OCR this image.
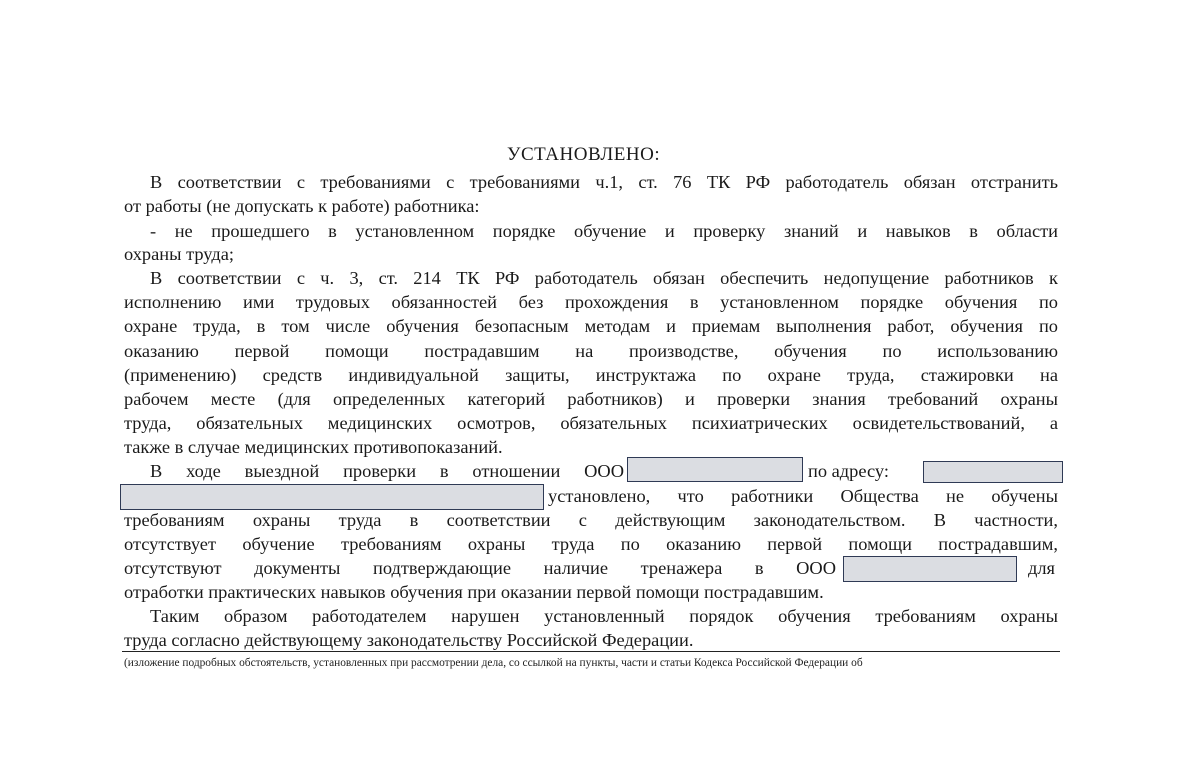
УСТАНОВЛЕНО:
В соответствии с требованиями с требованиями ч.1, ст. 76 ТК РФ работодатель обязан отстранить
от работы (не допускать к работе) работника:
- не прошедшего в установленном порядке обучение и проверку знаний и навыков в области
охраны труда;
В соответствии с ч. 3, ст. 214 ТК РФ работодатель обязан обеспечить недопущение работников к
исполнению ими трудовых обязанностей без прохождения в установленном порядке обучения по
охране труда, в том числе обучения безопасным методам и приемам выполнения работ, обучения по
оказанию первой помощи пострадавшим на производстве, обучения по использованию
(применению) средств индивидуальной защиты, инструктажа по охране труда, стажировки на
рабочем месте (для определенных категорий работников) и проверки знания требований охраны
труда, обязательных медицинских осмотров, обязательных психиатрических освидетельствований, а
также в случае медицинских противопоказаний.
В ходе выездной проверки в отношении ООО	по адресу:
установлено, что работники Общества не обучены
требованиям охраны труда в соответствии с действующим законодательством. В частности,
отсутствует обучение требованиям охраны труда по оказанию первой помощи пострадавшим,
отсутствуют документы подтверждающие наличие тренажера в ООО	для
отработки практических навыков обучения при оказании первой помощи пострадавшим.
Таким образом работодателем нарушен установленный порядок обучения требованиям охраны
труда согласно действующему законодательству Российской Федерации.
(изложение подробных обстоятельств, установленных при рассмотрении дела, со ссылкой на пункты, части и статьи Кодекса Российской Федерации об
